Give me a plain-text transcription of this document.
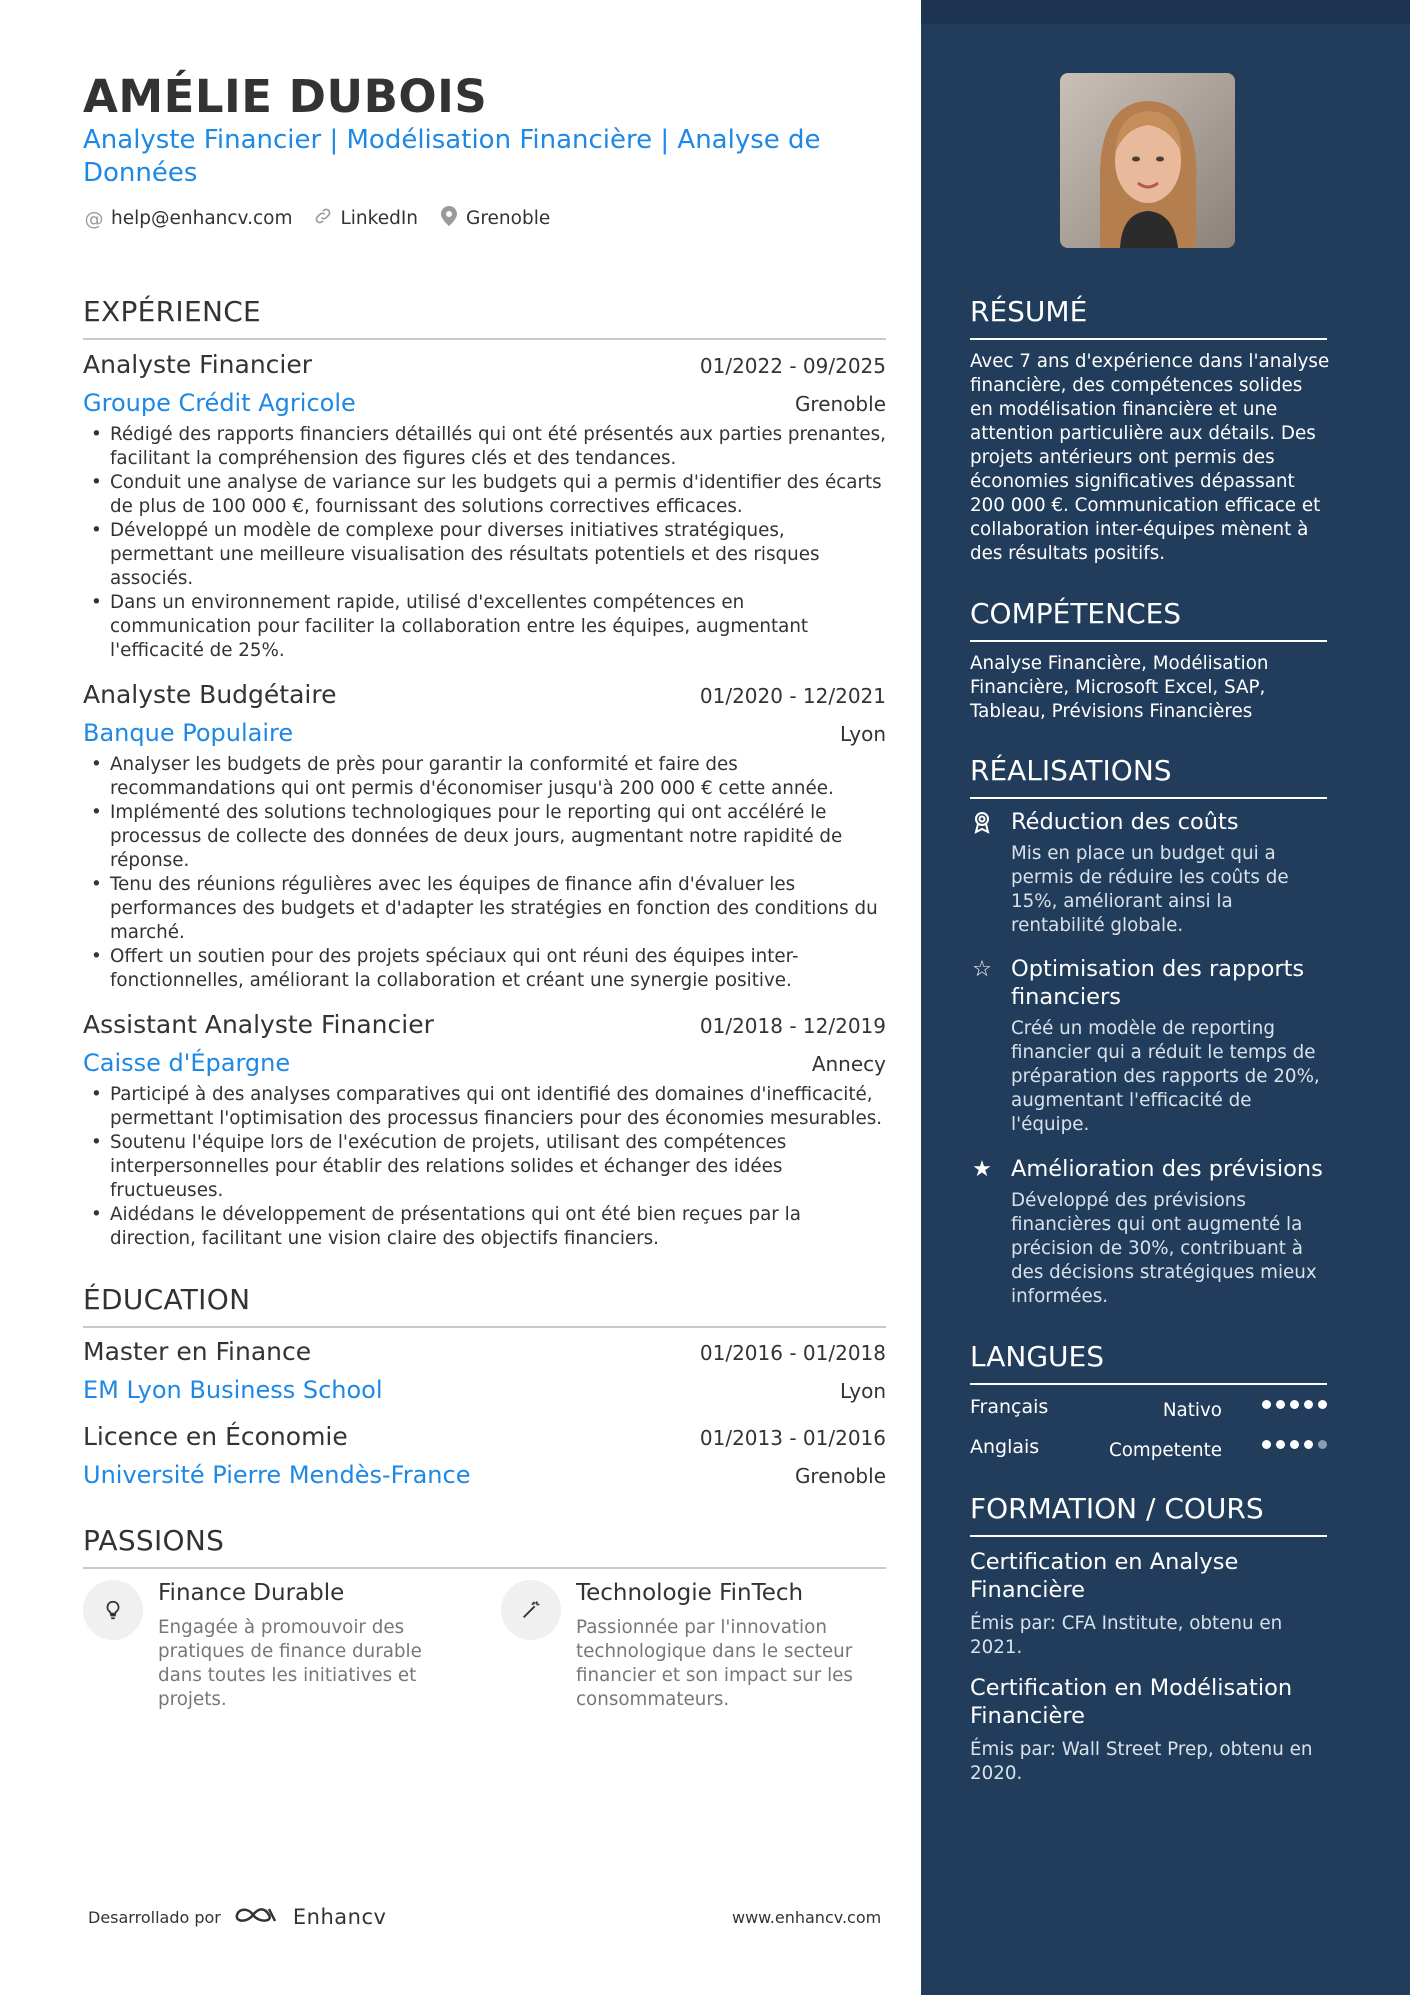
AMÉLIE DUBOIS
Analyste Financier | Modélisation Financière | Analyse de Données
@ help@enhancv.com	LinkedIn	Grenoble
EXPÉRIENCE
Analyste Financier	01/2022 - 09/2025
Groupe Crédit Agricole	Grenoble
• Rédigé des rapports financiers détaillés qui ont été présentés aux parties prenantes, facilitant la compréhension des figures clés et des tendances.
• Conduit une analyse de variance sur les budgets qui a permis d'identifier des écarts de plus de 100 000 €, fournissant des solutions correctives efficaces.
• Développé un modèle de complexe pour diverses initiatives stratégiques, permettant une meilleure visualisation des résultats potentiels et des risques associés.
• Dans un environnement rapide, utilisé d'excellentes compétences en communication pour faciliter la collaboration entre les équipes, augmentant l'efficacité de 25%.
Analyste Budgétaire	01/2020 - 12/2021
Banque Populaire	Lyon
• Analyser les budgets de près pour garantir la conformité et faire des recommandations qui ont permis d'économiser jusqu'à 200 000 € cette année.
• Implémenté des solutions technologiques pour le reporting qui ont accéléré le processus de collecte des données de deux jours, augmentant notre rapidité de réponse.
• Tenu des réunions régulières avec les équipes de finance afin d'évaluer les performances des budgets et d'adapter les stratégies en fonction des conditions du marché.
• Offert un soutien pour des projets spéciaux qui ont réuni des équipes inter-fonctionnelles, améliorant la collaboration et créant une synergie positive.
Assistant Analyste Financier	01/2018 - 12/2019
Caisse d'Épargne	Annecy
• Participé à des analyses comparatives qui ont identifié des domaines d'inefficacité, permettant l'optimisation des processus financiers pour des économies mesurables.
• Soutenu l'équipe lors de l'exécution de projets, utilisant des compétences interpersonnelles pour établir des relations solides et échanger des idées fructueuses.
• Aidédans le développement de présentations qui ont été bien reçues par la direction, facilitant une vision claire des objectifs financiers.
ÉDUCATION
Master en Finance	01/2016 - 01/2018
EM Lyon Business School	Lyon
Licence en Économie	01/2013 - 01/2016
Université Pierre Mendès-France	Grenoble
PASSIONS
Finance Durable
Engagée à promouvoir des pratiques de finance durable dans toutes les initiatives et projets.
Technologie FinTech
Passionnée par l'innovation technologique dans le secteur financier et son impact sur les consommateurs.
Desarrollado por	Enhancv	www.enhancv.com
RÉSUMÉ
Avec 7 ans d'expérience dans l'analyse financière, des compétences solides en modélisation financière et une attention particulière aux détails. Des projets antérieurs ont permis des économies significatives dépassant 200 000 €. Communication efficace et collaboration inter-équipes mènent à des résultats positifs.
COMPÉTENCES
Analyse Financière, Modélisation Financière, Microsoft Excel, SAP, Tableau, Prévisions Financières
RÉALISATIONS
Réduction des coûts
Mis en place un budget qui a permis de réduire les coûts de 15%, améliorant ainsi la rentabilité globale.
☆ Optimisation des rapports financiers
Créé un modèle de reporting financier qui a réduit le temps de préparation des rapports de 20%, augmentant l'efficacité de l'équipe.
★ Amélioration des prévisions
Développé des prévisions financières qui ont augmenté la précision de 30%, contribuant à des décisions stratégiques mieux informées.
LANGUES
Français	Nativo
Anglais	Competente
FORMATION / COURS
Certification en Analyse Financière
Émis par: CFA Institute, obtenu en 2021.
Certification en Modélisation Financière
Émis par: Wall Street Prep, obtenu en 2020.
